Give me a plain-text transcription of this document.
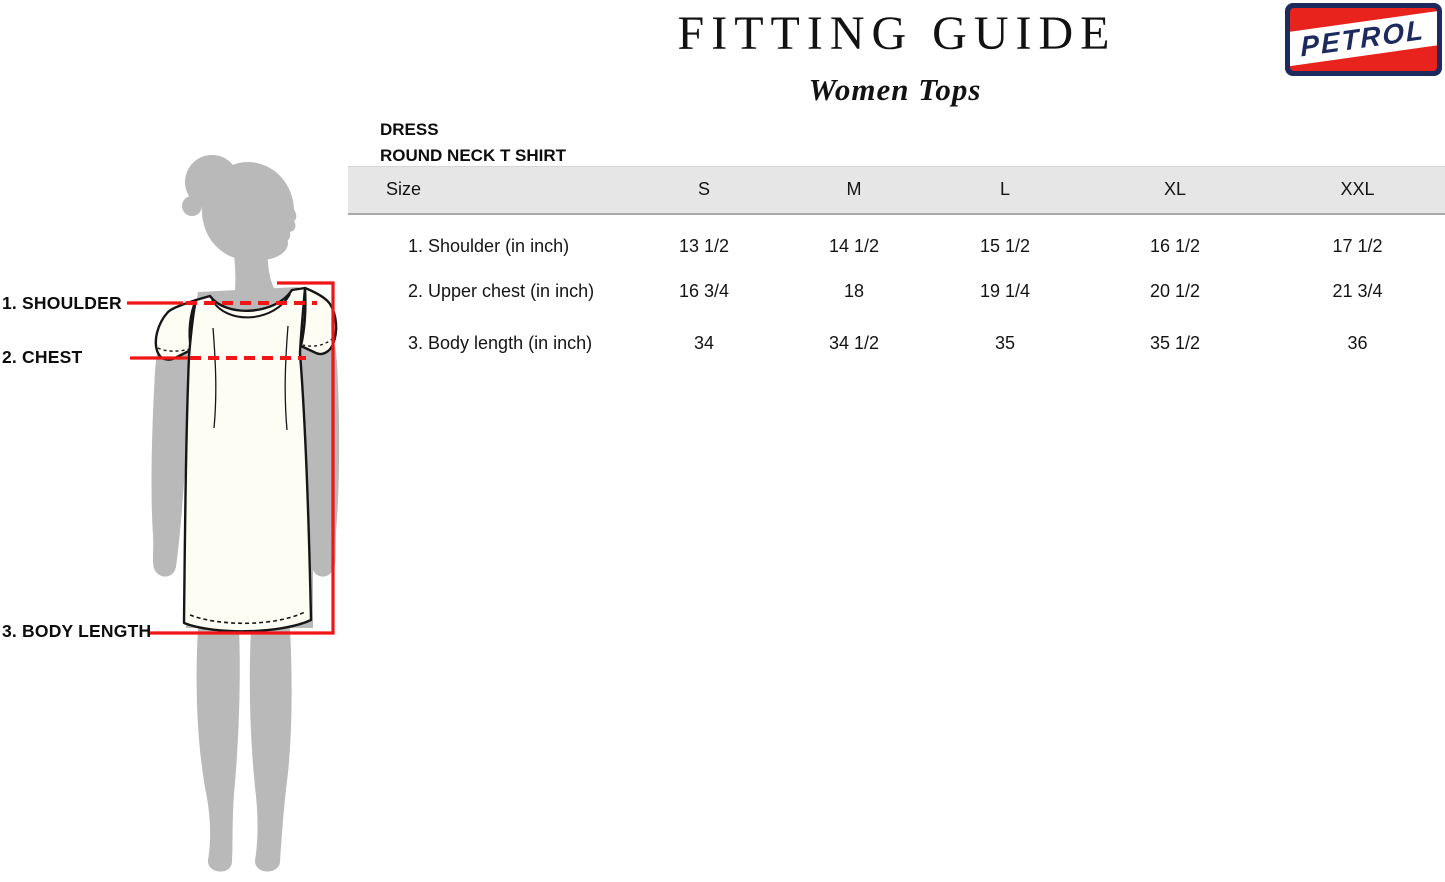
FITTING GUIDE
Women Tops
PETROL
DRESS
ROUND NECK T SHIRT
Size	S	M	L	XL	XXL
1. Shoulder (in inch)	13 1/2	14 1/2	15 1/2	16 1/2	17 1/2
2. Upper chest (in inch)	16 3/4	18	19 1/4	20 1/2	21 3/4
3. Body length (in inch)	34	34 1/2	35	35 1/2	36
1. SHOULDER
2. CHEST
3. BODY LENGTH
